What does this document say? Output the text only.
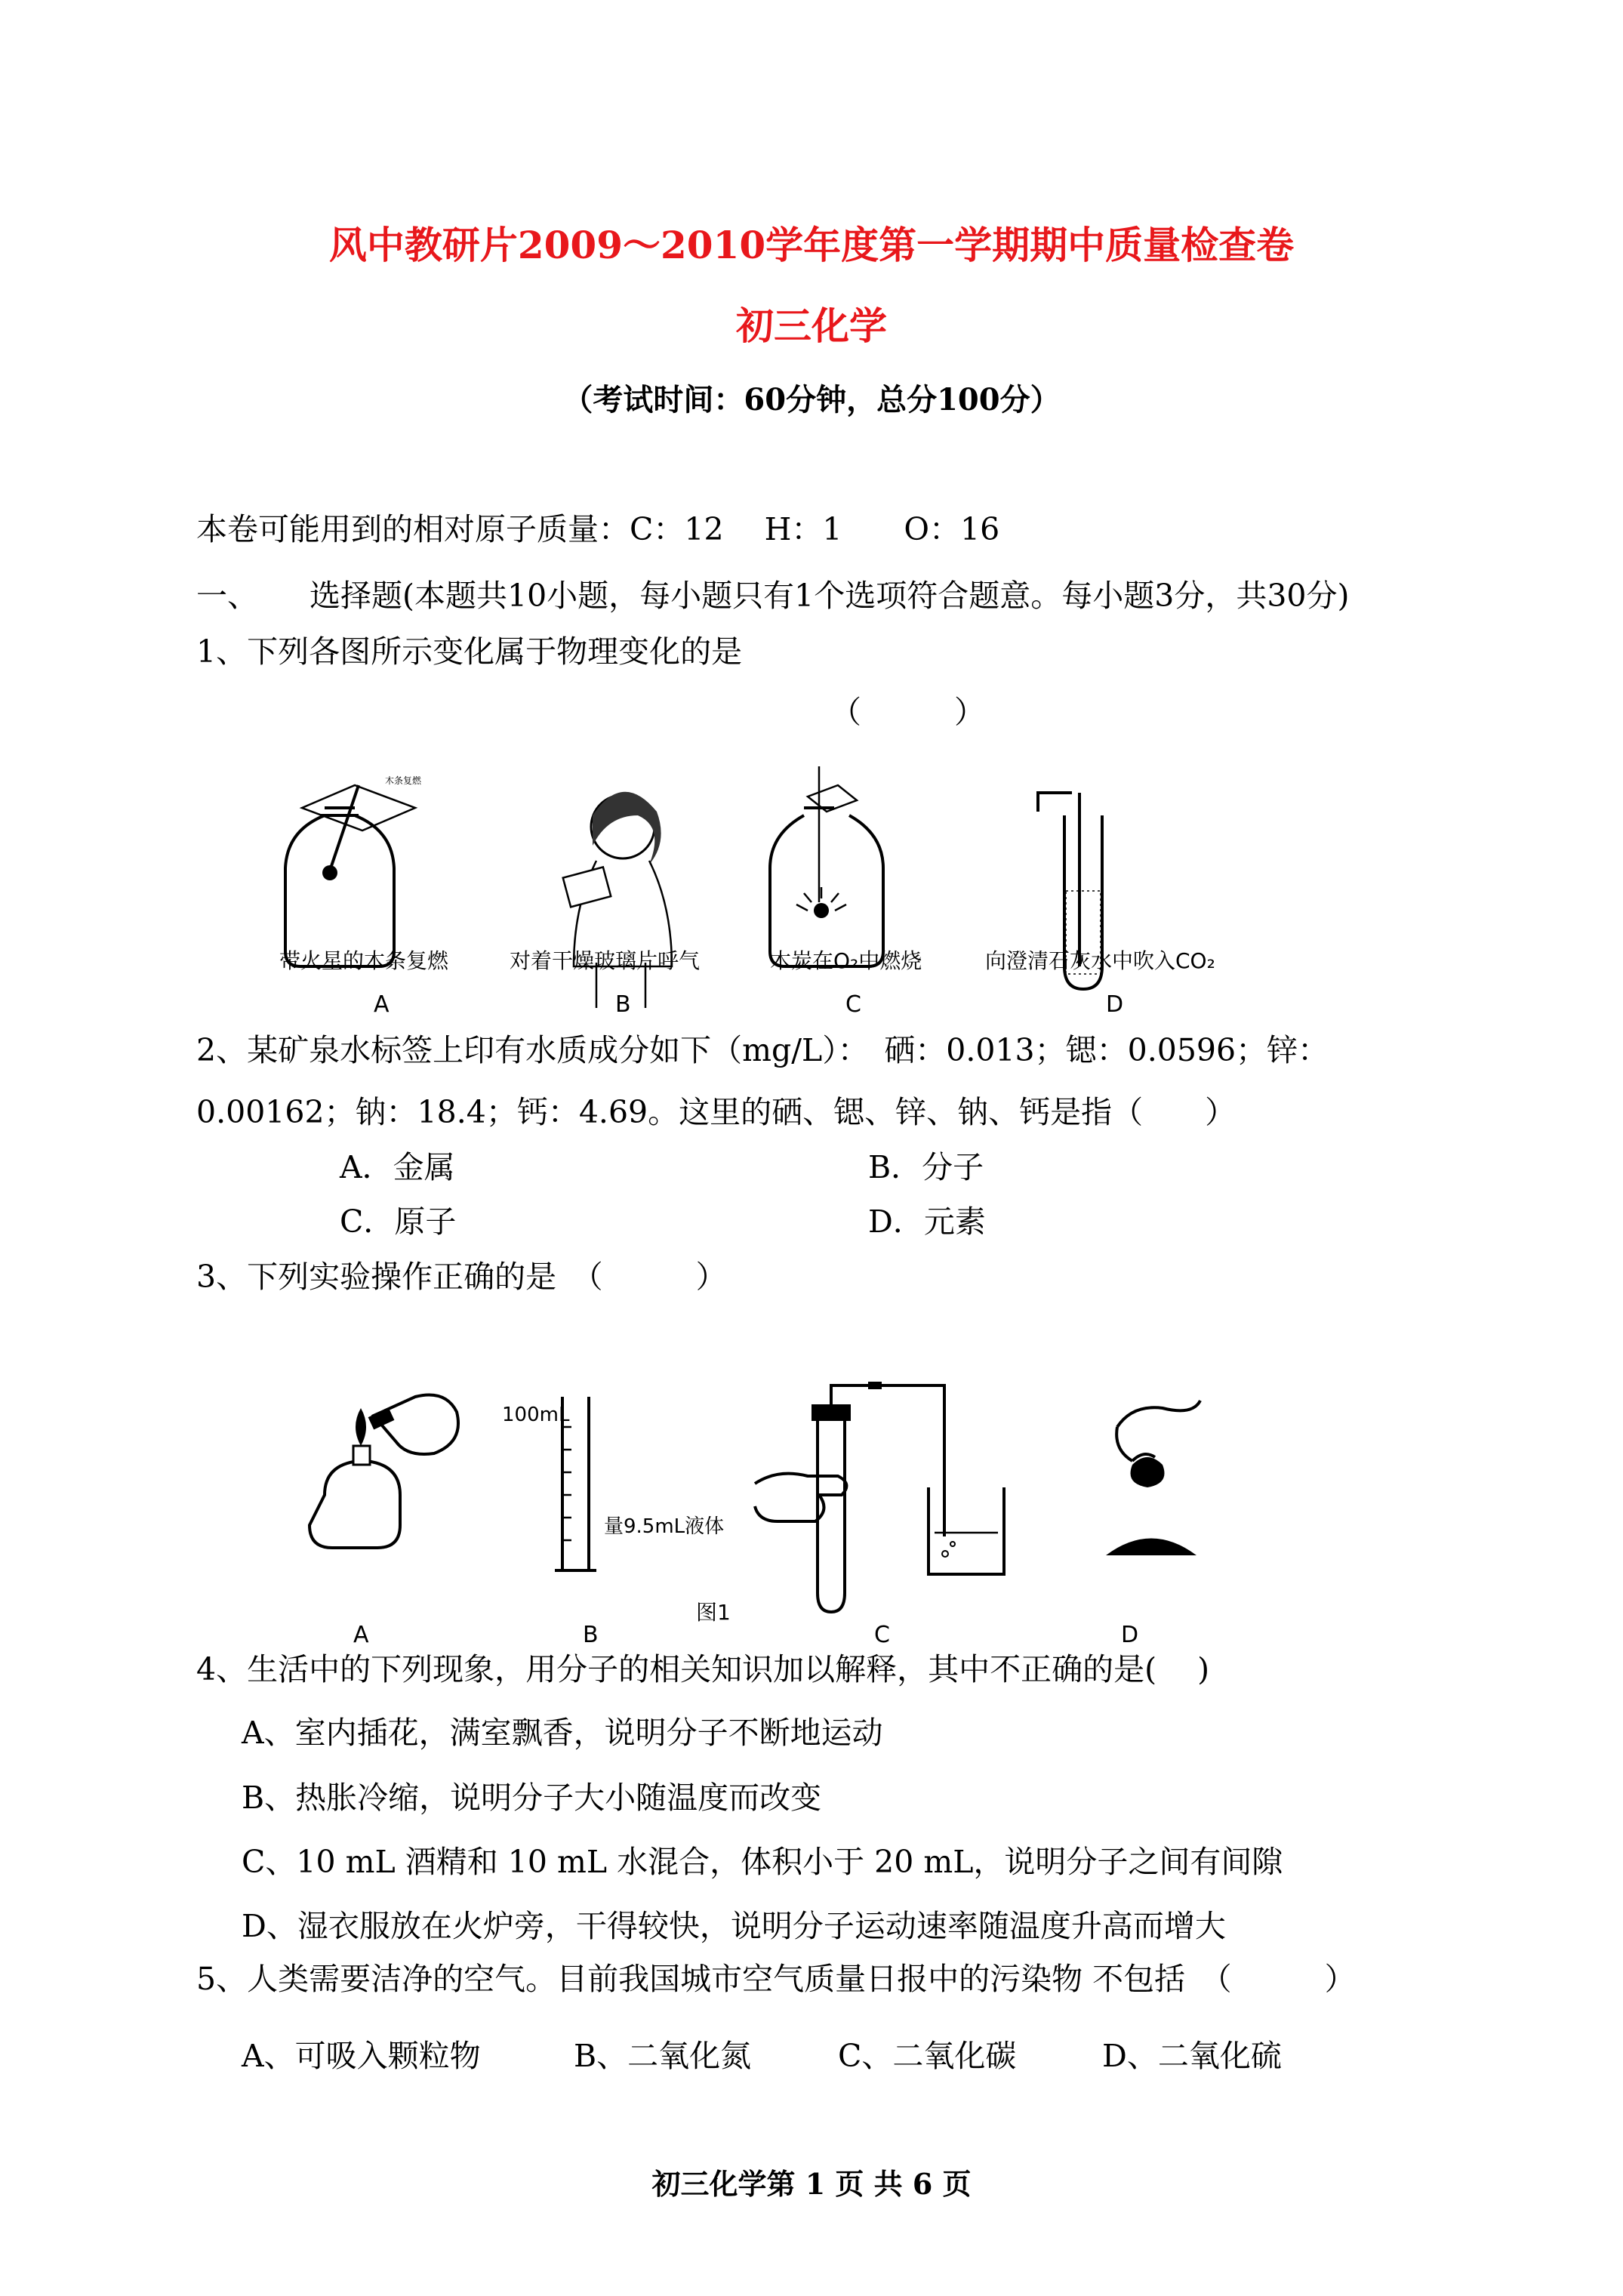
风中教研片2009～2010学年度第一学期期中质量检查卷
初三化学
（考试时间：60分钟，总分100分）
本卷可能用到的相对原子质量：C：12　 H：1　　O：16
一、 选择题(本题共10小题，每小题只有1个选项符合题意。每小题3分，共30分)
1、下列各图所示变化属于物理变化的是
（　　　）
木条复燃
带火星的木条复燃	对着干燥玻璃片呼气	木炭在O₂中燃烧	向澄清石灰水中吹入CO₂
A	B	C	D
2、某矿泉水标签上印有水质成分如下（mg/L）：　硒：0.013；锶：0.0596；锌：
0.00162；钠：18.4；钙：4.69。这里的硒、锶、锌、钠、钙是指（　　）
A．金属	B．分子
C．原子	D．元素
3、下列实验操作正确的是　（　　　）
100mL
量9.5mL液体
A	B	C	D
图1
4、生活中的下列现象，用分子的相关知识加以解释，其中不正确的是(　 )
A、室内插花，满室飘香，说明分子不断地运动
B、热胀冷缩，说明分子大小随温度而改变
C、10 mL 酒精和 10 mL 水混合，体积小于 20 mL，说明分子之间有间隙
D、湿衣服放在火炉旁，干得较快，说明分子运动速率随温度升高而增大
5、人类需要洁净的空气。目前我国城市空气质量日报中的污染物 不包括　（　　　）
A、可吸入颗粒物	B、二氧化氮	C、二氧化碳	D、二氧化硫
初三化学第 1 页 共 6 页
